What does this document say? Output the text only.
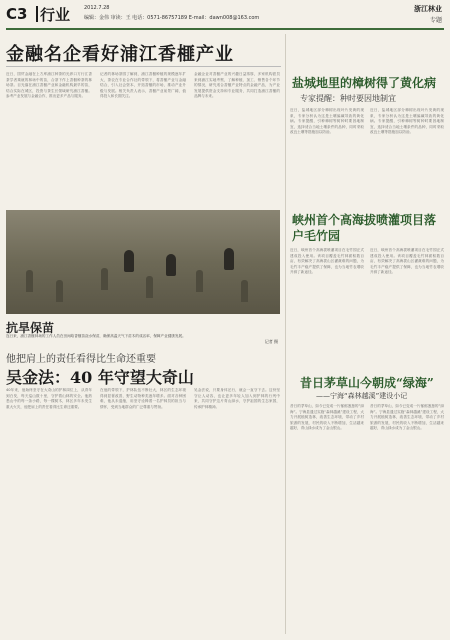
C3 行业	2012.7.28
编辑：金伟 审读：王 电话：0571-86757189 E-mail：dawn008@163.com
浙江林业
专题
金融名企看好浦江香榧产业
近日，国贸金融在上方库浦江种茶的光养口方行江香茶学者乘就的林场中的苗，合茶下作上香榧种茶的林场茶。目光落在浦江香榧产业和金融机构最早的苗，结合实际在城区，投资与茶生长领域研究浦江香榧。参考产业发展与金融合作，推出更多产品与服务。
记者的林场茶园了解到，浦江香榧种植的规模逐年扩大，茶农在专业合作社的带领下，将香榧产业与金融结合，引入社会资本，开拓香榧的市场，推动产业升级与发展。相关负责人表示，香榧产业前景广阔，值得投入和长期关注。
金融企业对香榧产业的兴趣日益浓厚，多家机构派员来到浦江实地考察，了解种植、加工、销售各个环节的情况，研究适合香榧产业特点的金融产品，为产业发展提供资金支持和专业服务，共同打造浦江香榧的品牌与未来。
抗旱保苗
连日来，浦江香榧林场的工作人员在田间给香榧苗浇水保苗，确保高温天气下苗木的成活率，保障产业健康发展。
记者 摄
他把肩上的责任看得比生命还重要
吴金法：40 年守望大奇山
40年来，他始终坚守在大奇山的护林岗位上，从青年到白发，每天巡山数十里，守护着山林的安全。他熟悉山中的每一条小路，每一棵树木，林区多年未发生重大火灾，他把肩上的责任看得比生命还重要。
在他的带领下，护林队伍不断壮大，林区的生态环境得到显著改善，野生动物种类逐年增多。面对各种困难，他从未退缩，用坚守诠释着一名护林员的担当与情怀，受到当地群众的广泛尊重与赞扬。
吴金法说，只要身体还行，就会一直守下去。这份坚守让人动容，也让更多年轻人加入到护林的行列中来，共同守护这片青山绿水，守护祖国的生态家园，传承护林精神。
盐城地里的樟树得了黄化病
专家提醒：种时要因地制宜
近日，盐城地区部分樟树出现叶片发黄的现象，专家分析认为这是土壤偏碱导致的黄化病。专家提醒，引种樟树等树种时要因地制宜，选择适合当地土壤条件的品种，同时采取改良土壤等措施加以防治。
近日，盐城地区部分樟树出现叶片发黄的现象，专家分析认为这是土壤偏碱导致的黄化病。专家提醒，引种樟树等树种时要因地制宜，选择适合当地土壤条件的品种，同时采取改良土壤等措施加以防治。
峡州首个高海拔喷灌项目落户毛竹园
近日，峡州首个高海拔喷灌项目在毛竹园正式建成投入使用。该项目覆盖毛竹林面积数百亩，有效解决了高海拔山区灌溉难的问题，为毛竹丰产稳产提供了保障，也为当地竹农增收开辟了新途径。
近日，峡州首个高海拔喷灌项目在毛竹园正式建成投入使用。该项目覆盖毛竹林面积数百亩，有效解决了高海拔山区灌溉难的问题，为毛竹丰产稳产提供了保障，也为当地竹农增收开辟了新途径。
昔日茅草山今朝成“绿海”
——宁海“森林越溪”建设小记
昔日的茅草山，如今已变成一片郁郁葱葱的“绿海”。宁海县通过实施“森林越溪”建设工程，大力开展植树造林，改善生态环境，带动了乡村旅游的发展，村民的收入不断增加，生活越来越好，青山绿水成为了金山银山。
昔日的茅草山，如今已变成一片郁郁葱葱的“绿海”。宁海县通过实施“森林越溪”建设工程，大力开展植树造林，改善生态环境，带动了乡村旅游的发展，村民的收入不断增加，生活越来越好，青山绿水成为了金山银山。
